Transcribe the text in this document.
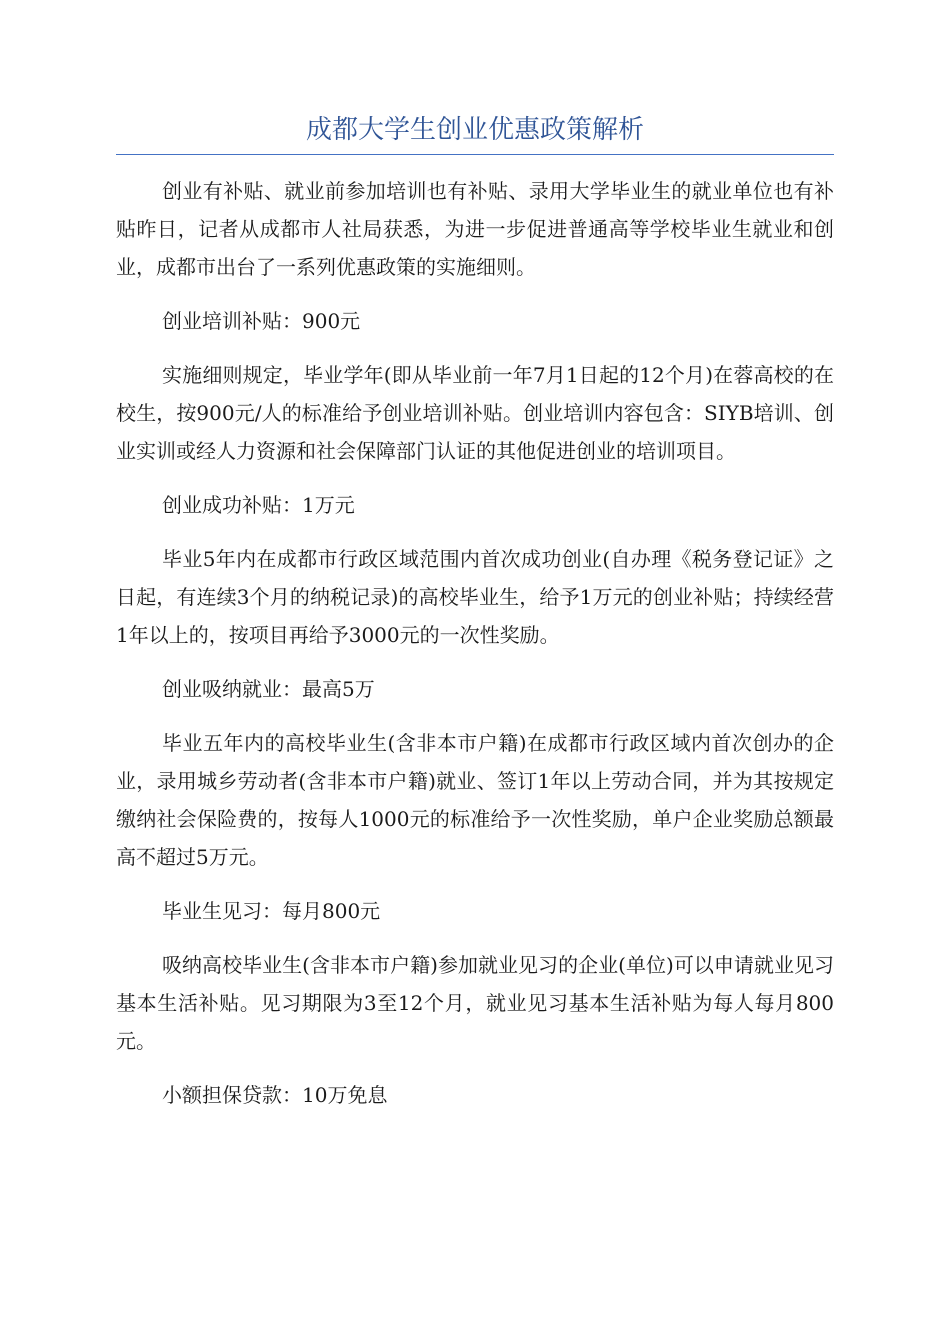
成都大学生创业优惠政策解析

创业有补贴、就业前参加培训也有补贴、录用大学毕业生的就业单位也有补贴昨日，记者从成都市人社局获悉，为进一步促进普通高等学校毕业生就业和创业，成都市出台了一系列优惠政策的实施细则。

创业培训补贴：900元

实施细则规定，毕业学年(即从毕业前一年7月1日起的12个月)在蓉高校的在校生，按900元/人的标准给予创业培训补贴。创业培训内容包含：SIYB培训、创业实训或经人力资源和社会保障部门认证的其他促进创业的培训项目。

创业成功补贴：1万元

毕业5年内在成都市行政区域范围内首次成功创业(自办理《税务登记证》之日起，有连续3个月的纳税记录)的高校毕业生，给予1万元的创业补贴；持续经营1年以上的，按项目再给予3000元的一次性奖励。

创业吸纳就业：最高5万

毕业五年内的高校毕业生(含非本市户籍)在成都市行政区域内首次创办的企业，录用城乡劳动者(含非本市户籍)就业、签订1年以上劳动合同，并为其按规定缴纳社会保险费的，按每人1000元的标准给予一次性奖励，单户企业奖励总额最高不超过5万元。

毕业生见习：每月800元

吸纳高校毕业生(含非本市户籍)参加就业见习的企业(单位)可以申请就业见习基本生活补贴。见习期限为3至12个月，就业见习基本生活补贴为每人每月800元。

小额担保贷款：10万免息
